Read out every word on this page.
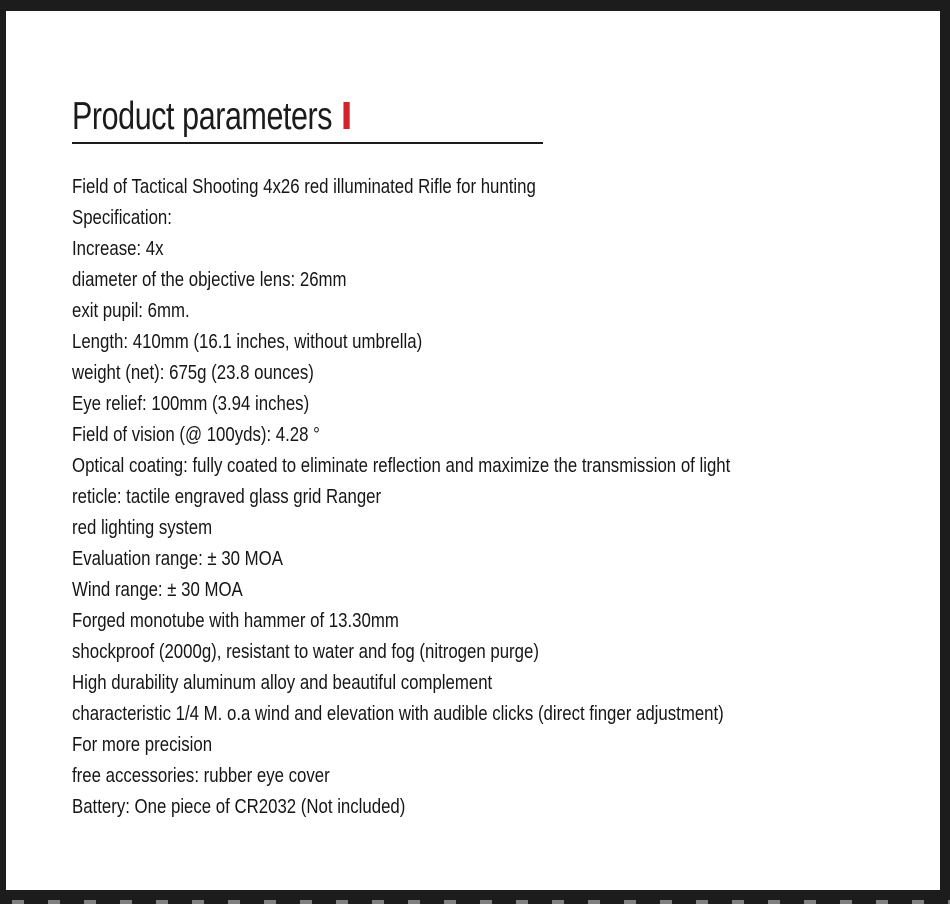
Product parameters
Field of Tactical Shooting 4x26 red illuminated Rifle for hunting
Specification:
Increase: 4x
diameter of the objective lens: 26mm
exit pupil: 6mm.
Length: 410mm (16.1 inches, without umbrella)
weight (net): 675g (23.8 ounces)
Eye relief: 100mm (3.94 inches)
Field of vision (@ 100yds): 4.28 °
Optical coating: fully coated to eliminate reflection and maximize the transmission of light
reticle: tactile engraved glass grid Ranger
red lighting system
Evaluation range: ± 30 MOA
Wind range: ± 30 MOA
Forged monotube with hammer of 13.30mm
shockproof (2000g), resistant to water and fog (nitrogen purge)
High durability aluminum alloy and beautiful complement
characteristic 1/4 M. o.a wind and elevation with audible clicks (direct finger adjustment)
For more precision
free accessories: rubber eye cover
Battery: One piece of CR2032 (Not included)
